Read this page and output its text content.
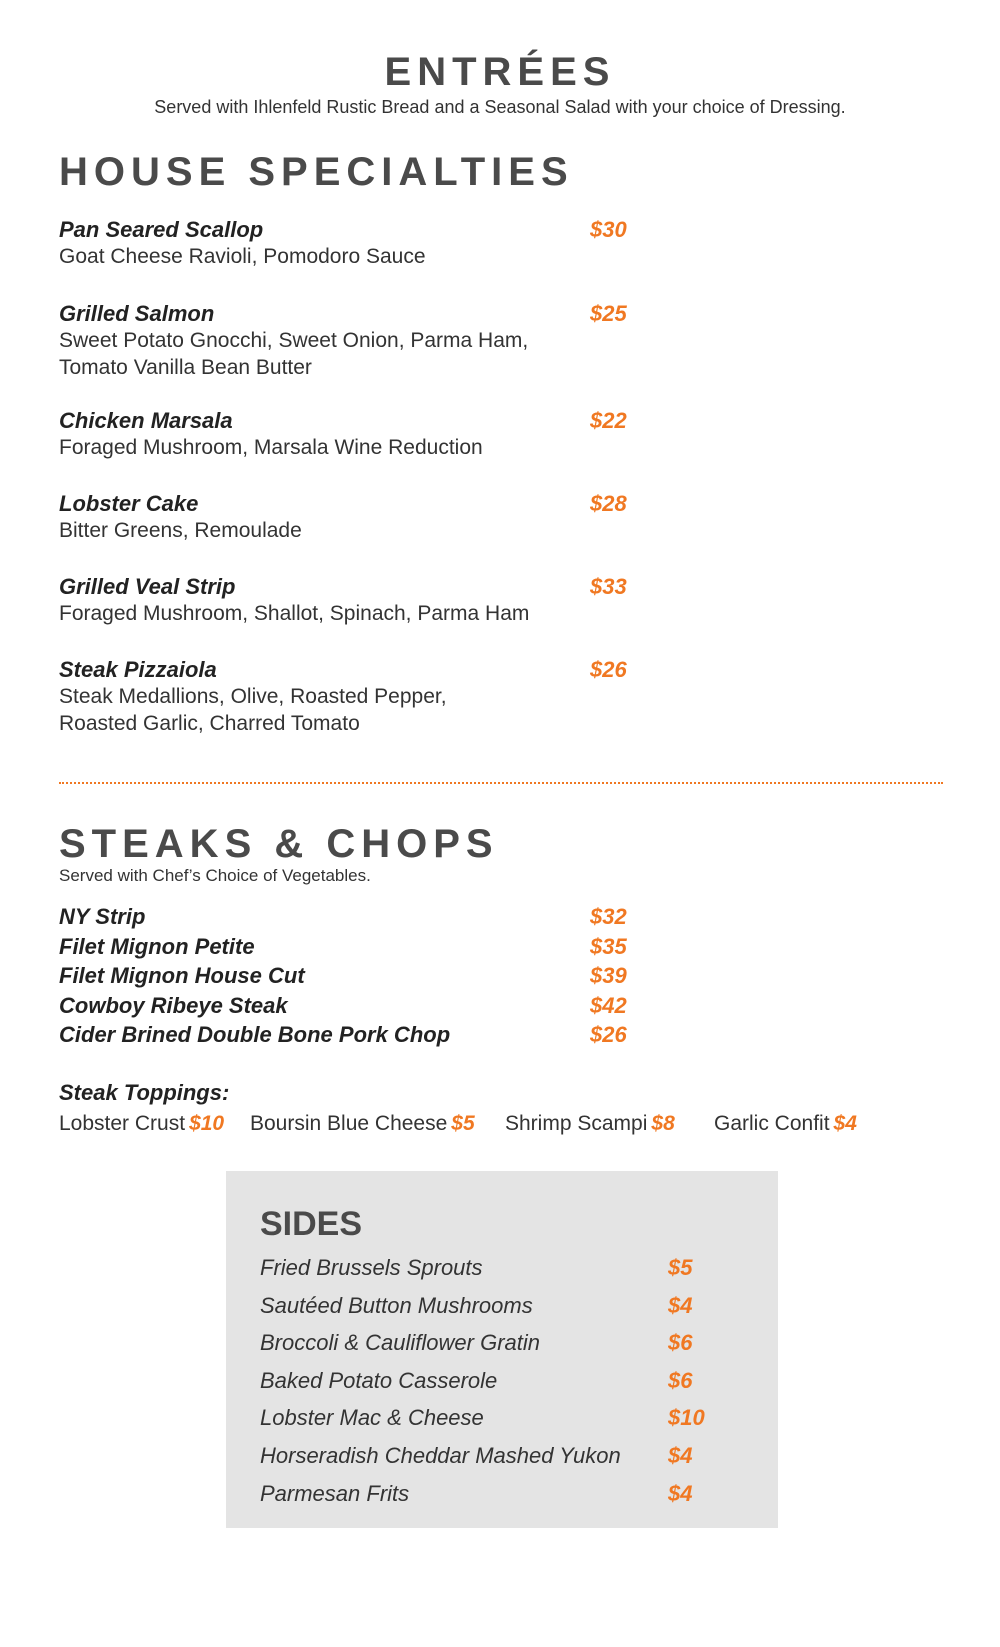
ENTRÉES
Served with Ihlenfeld Rustic Bread and a Seasonal Salad with your choice of Dressing.
HOUSE SPECIALTIES
Pan Seared Scallop
Goat Cheese Ravioli, Pomodoro Sauce
$30
Grilled Salmon
Sweet Potato Gnocchi, Sweet Onion, Parma Ham,
Tomato Vanilla Bean Butter
$25
Chicken Marsala
Foraged Mushroom, Marsala Wine Reduction
$22
Lobster Cake
Bitter Greens, Remoulade
$28
Grilled Veal Strip
Foraged Mushroom, Shallot, Spinach, Parma Ham
$33
Steak Pizzaiola
Steak Medallions, Olive, Roasted Pepper,
Roasted Garlic, Charred Tomato
$26
STEAKS & CHOPS
Served with Chef’s Choice of Vegetables.
NY Strip	$32
Filet Mignon Petite	$35
Filet Mignon House Cut	$39
Cowboy Ribeye Steak	$42
Cider Brined Double Bone Pork Chop	$26
Steak Toppings:
Lobster Crust $10 Boursin Blue Cheese $5 Shrimp Scampi $8 Garlic Confit $4
SIDES
Fried Brussels Sprouts	$5
Sautéed Button Mushrooms	$4
Broccoli & Cauliflower Gratin	$6
Baked Potato Casserole	$6
Lobster Mac & Cheese	$10
Horseradish Cheddar Mashed Yukon $4
Parmesan Frits	$4
